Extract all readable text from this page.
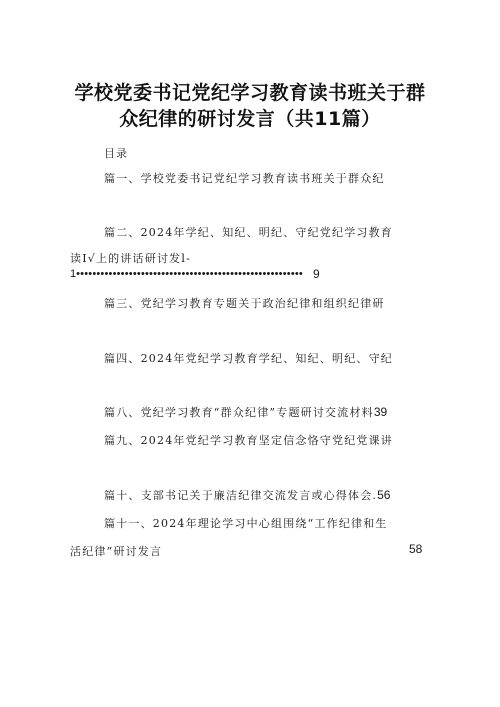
学校党委书记党纪学习教育读书班关于群
众纪律的研讨发言（共11篇）
目录
篇一、学校党委书记党纪学习教育读书班关于群众纪
篇二、2024年学纪、知纪、明纪、守纪党纪学习教育
读Ⅰ√上的讲话研讨发l-
1•••••••••••••••••••••••••••••••••••••••••••••••••••••••• 9
篇三、党纪学习教育专题关于政治纪律和组织纪律研
篇四、2024年党纪学习教育学纪、知纪、明纪、守纪
篇八、党纪学习教育“群众纪律”专题研讨交流材料39
篇九、2024年党纪学习教育坚定信念恪守党纪党课讲
篇十、支部书记关于廉洁纪律交流发言或心得体会.56
篇十一、2024年理论学习中心组围绕“工作纪律和生
活纪律”研讨发言	58
